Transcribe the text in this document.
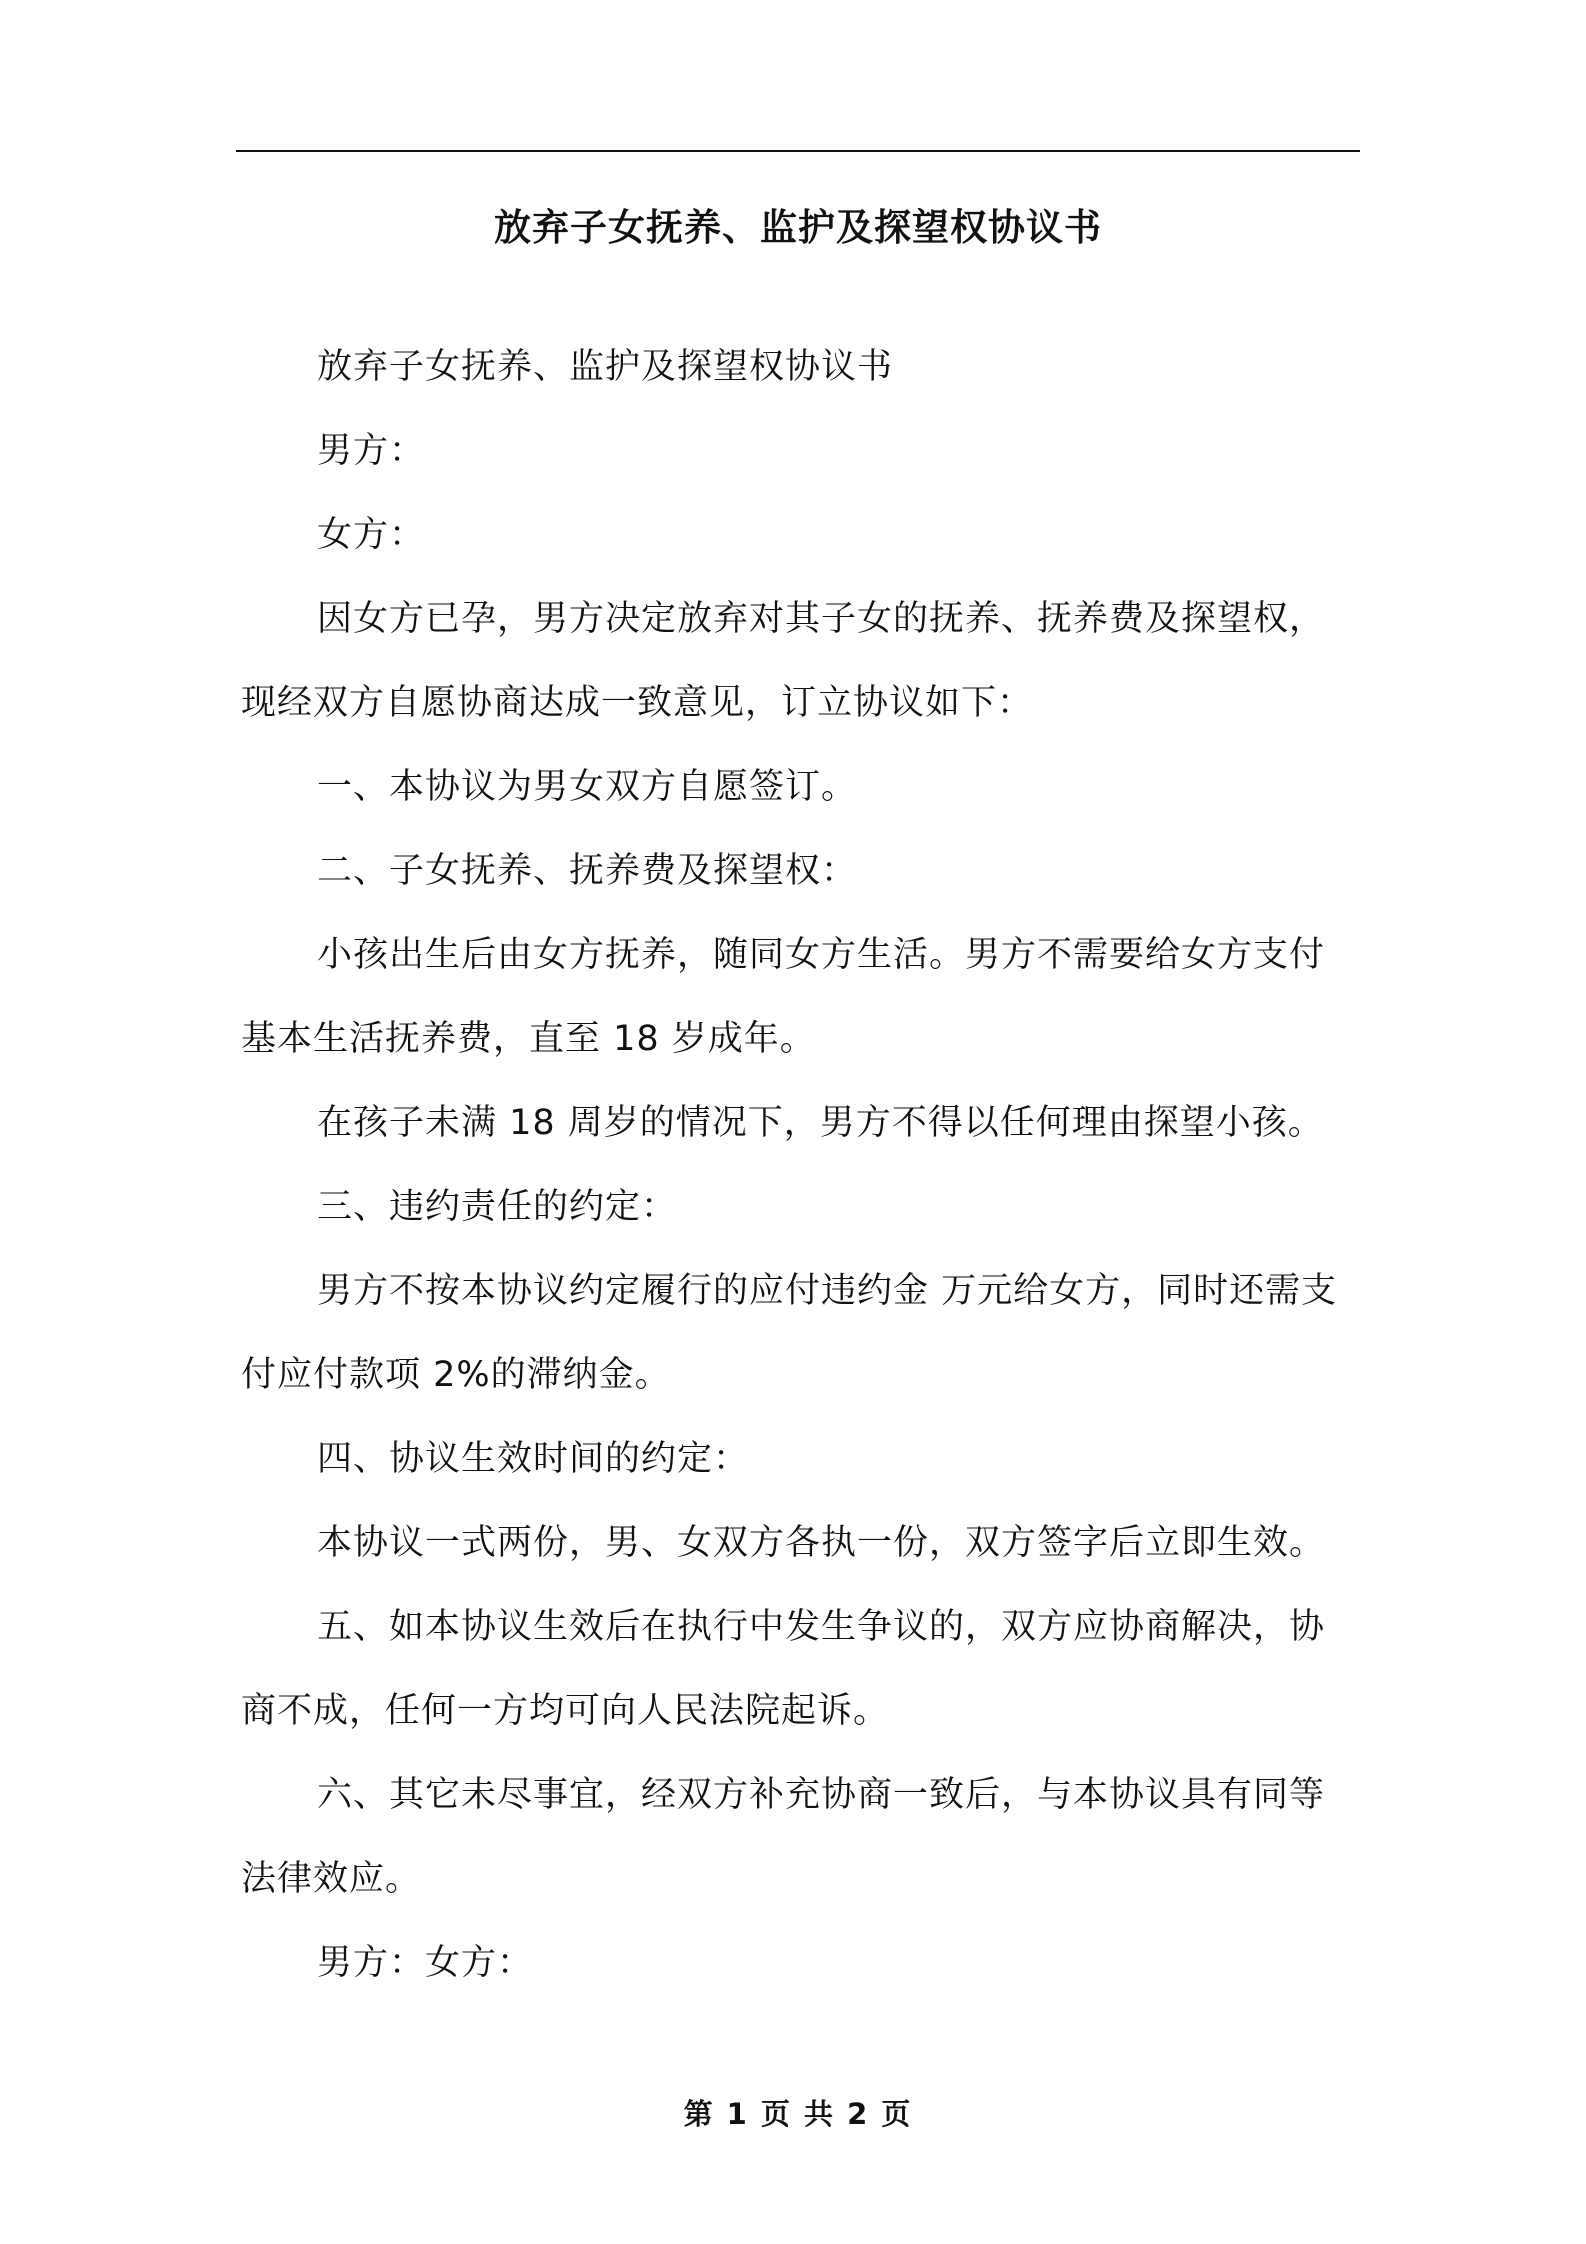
放弃子女抚养、监护及探望权协议书

放弃子女抚养、监护及探望权协议书

男方：

女方：

因女方已孕，男方决定放弃对其子女的抚养、抚养费及探望权，现经双方自愿协商达成一致意见，订立协议如下：

一、本协议为男女双方自愿签订。

二、子女抚养、抚养费及探望权：

小孩出生后由女方抚养，随同女方生活。男方不需要给女方支付基本生活抚养费，直至 18 岁成年。

在孩子未满 18 周岁的情况下，男方不得以任何理由探望小孩。

三、违约责任的约定：

男方不按本协议约定履行的应付违约金 万元给女方，同时还需支付应付款项 2%的滞纳金。

四、协议生效时间的约定：

本协议一式两份，男、女双方各执一份，双方签字后立即生效。

五、如本协议生效后在执行中发生争议的，双方应协商解决，协商不成，任何一方均可向人民法院起诉。

六、其它未尽事宜，经双方补充协商一致后，与本协议具有同等法律效应。

男方：女方：

第 1 页 共 2 页
